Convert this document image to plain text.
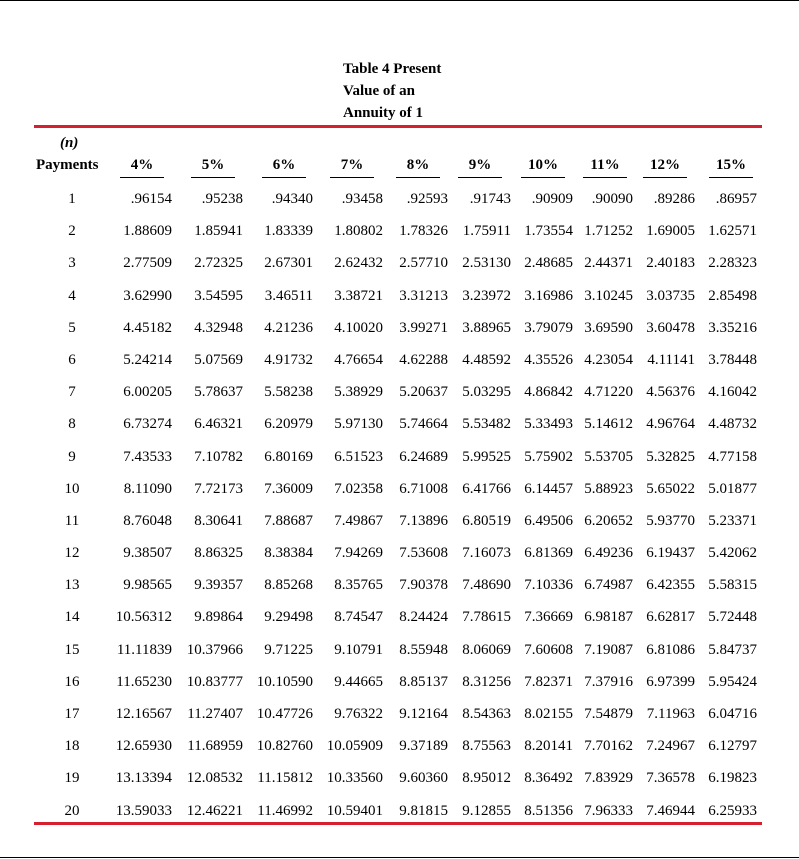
Table 4 Present
Value of an
Annuity of 1
(n)
Payments	4%	5%	6%	7%	8%	9%	10%	11%	12%	15%
1	.96154 .95238 .94340 .93458 .92593 .91743 .90909 .90090 .89286 .86957
2	1.88609 1.85941 1.83339 1.80802 1.78326 1.75911 1.73554 1.71252 1.69005 1.62571
3	2.77509 2.72325 2.67301 2.62432 2.57710 2.53130 2.48685 2.44371 2.40183 2.28323
4	3.62990 3.54595 3.46511 3.38721 3.31213 3.23972 3.16986 3.10245 3.03735 2.85498
5	4.45182 4.32948 4.21236 4.10020 3.99271 3.88965 3.79079 3.69590 3.60478 3.35216
6	5.24214 5.07569 4.91732 4.76654 4.62288 4.48592 4.35526 4.23054 4.11141 3.78448
7	6.00205 5.78637 5.58238 5.38929 5.20637 5.03295 4.86842 4.71220 4.56376 4.16042
8	6.73274 6.46321 6.20979 5.97130 5.74664 5.53482 5.33493 5.14612 4.96764 4.48732
9	7.43533 7.10782 6.80169 6.51523 6.24689 5.99525 5.75902 5.53705 5.32825 4.77158
10	8.11090 7.72173 7.36009 7.02358 6.71008 6.41766 6.14457 5.88923 5.65022 5.01877
11	8.76048 8.30641 7.88687 7.49867 7.13896 6.80519 6.49506 6.20652 5.93770 5.23371
12	9.38507 8.86325 8.38384 7.94269 7.53608 7.16073 6.81369 6.49236 6.19437 5.42062
13	9.98565 9.39357 8.85268 8.35765 7.90378 7.48690 7.10336 6.74987 6.42355 5.58315
14	10.56312 9.89864 9.29498 8.74547 8.24424 7.78615 7.36669 6.98187 6.62817 5.72448
15	11.11839 10.37966 9.71225 9.10791 8.55948 8.06069 7.60608 7.19087 6.81086 5.84737
16	11.65230 10.83777 10.10590 9.44665 8.85137 8.31256 7.82371 7.37916 6.97399 5.95424
17	12.16567 11.27407 10.47726 9.76322 9.12164 8.54363 8.02155 7.54879 7.11963 6.04716
18	12.65930 11.68959 10.82760 10.05909 9.37189 8.75563 8.20141 7.70162 7.24967 6.12797
19	13.13394 12.08532 11.15812 10.33560 9.60360 8.95012 8.36492 7.83929 7.36578 6.19823
20	13.59033 12.46221 11.46992 10.59401 9.81815 9.12855 8.51356 7.96333 7.46944 6.25933
